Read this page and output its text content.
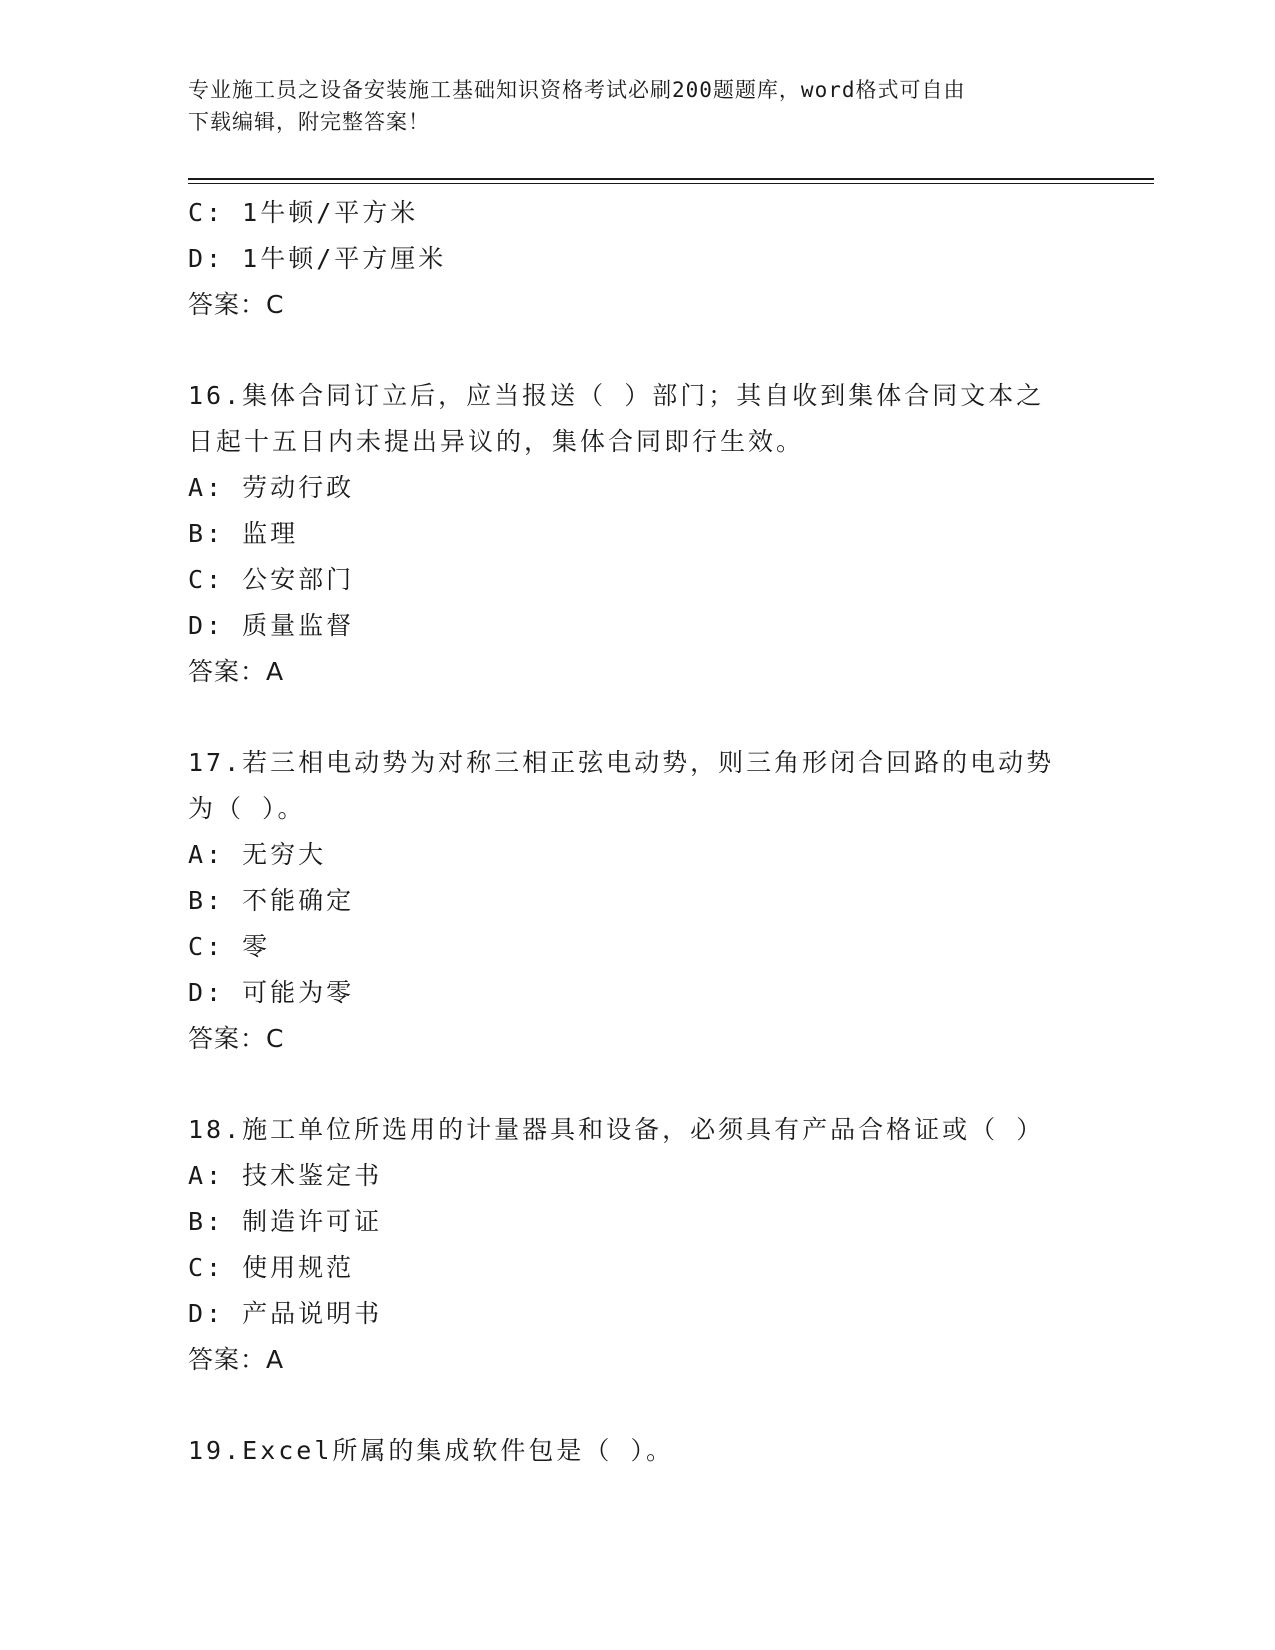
专业施工员之设备安装施工基础知识资格考试必刷200题题库，word格式可自由
下载编辑，附完整答案！
C: 1牛顿/平方米
D: 1牛顿/平方厘米
答案：C
16.集体合同订立后，应当报送（ ）部门；其自收到集体合同文本之
日起十五日内未提出异议的，集体合同即行生效。
A: 劳动行政
B: 监理
C: 公安部门
D: 质量监督
答案：A
17.若三相电动势为对称三相正弦电动势，则三角形闭合回路的电动势
为（ ）。
A: 无穷大
B: 不能确定
C: 零
D: 可能为零
答案：C
18.施工单位所选用的计量器具和设备，必须具有产品合格证或（ ）
A: 技术鉴定书
B: 制造许可证
C: 使用规范
D: 产品说明书
答案：A
19.Excel所属的集成软件包是（ ）。
